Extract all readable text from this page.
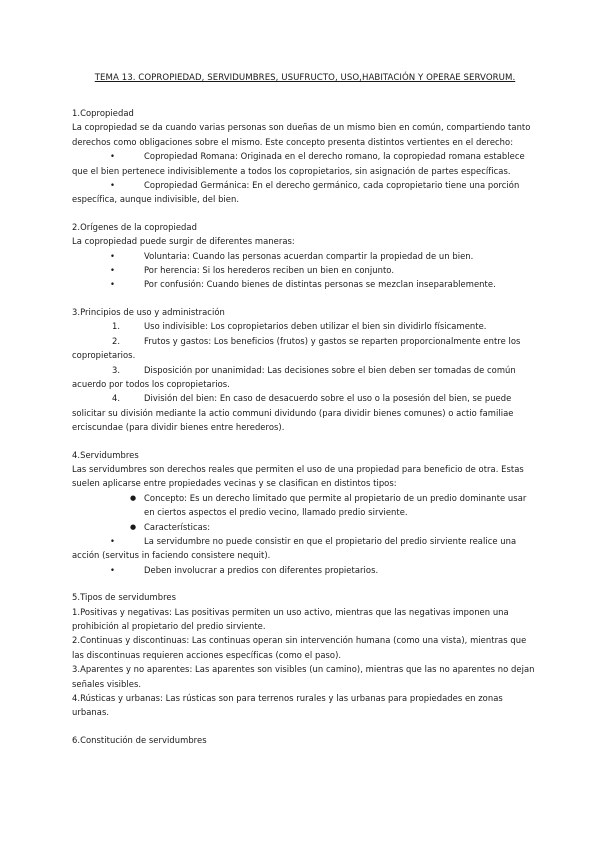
TEMA 13. COPROPIEDAD, SERVIDUMBRES, USUFRUCTO, USO,HABITACIÓN Y OPERAE SERVORUM.

1.Copropiedad

La copropiedad se da cuando varias personas son dueñas de un mismo bien en común, compartiendo tanto derechos como obligaciones sobre el mismo. Este concepto presenta distintos vertientes en el derecho:

•	Copropiedad Romana: Originada en el derecho romano, la copropiedad romana establece que el bien pertenece indivisiblemente a todos los copropietarios, sin asignación de partes específicas.

•	Copropiedad Germánica: En el derecho germánico, cada copropietario tiene una porción específica, aunque indivisible, del bien.

2.Orígenes de la copropiedad

La copropiedad puede surgir de diferentes maneras:

•	Voluntaria: Cuando las personas acuerdan compartir la propiedad de un bien.

•	Por herencia: Si los herederos reciben un bien en conjunto.

•	Por confusión: Cuando bienes de distintas personas se mezclan inseparablemente.

3.Principios de uso y administración

1.	Uso indivisible: Los copropietarios deben utilizar el bien sin dividirlo físicamente.

2.	Frutos y gastos: Los beneficios (frutos) y gastos se reparten proporcionalmente entre los copropietarios.

3.	Disposición por unanimidad: Las decisiones sobre el bien deben ser tomadas de común acuerdo por todos los copropietarios.

4.	División del bien: En caso de desacuerdo sobre el uso o la posesión del bien, se puede solicitar su división mediante la actio communi dividundo (para dividir bienes comunes) o actio familiae erciscundae (para dividir bienes entre herederos).

4.Servidumbres

Las servidumbres son derechos reales que permiten el uso de una propiedad para beneficio de otra. Estas suelen aplicarse entre propiedades vecinas y se clasifican en distintos tipos:

● Concepto: Es un derecho limitado que permite al propietario de un predio dominante usar en ciertos aspectos el predio vecino, llamado predio sirviente.

● Características:

•	La servidumbre no puede consistir en que el propietario del predio sirviente realice una acción (servitus in faciendo consistere nequit).

•	Deben involucrar a predios con diferentes propietarios.

5.Tipos de servidumbres

1.Positivas y negativas: Las positivas permiten un uso activo, mientras que las negativas imponen una prohibición al propietario del predio sirviente.

2.Continuas y discontinuas: Las continuas operan sin intervención humana (como una vista), mientras que las discontinuas requieren acciones específicas (como el paso).

3.Aparentes y no aparentes: Las aparentes son visibles (un camino), mientras que las no aparentes no dejan señales visibles.

4.Rústicas y urbanas: Las rústicas son para terrenos rurales y las urbanas para propiedades en zonas urbanas.

6.Constitución de servidumbres
